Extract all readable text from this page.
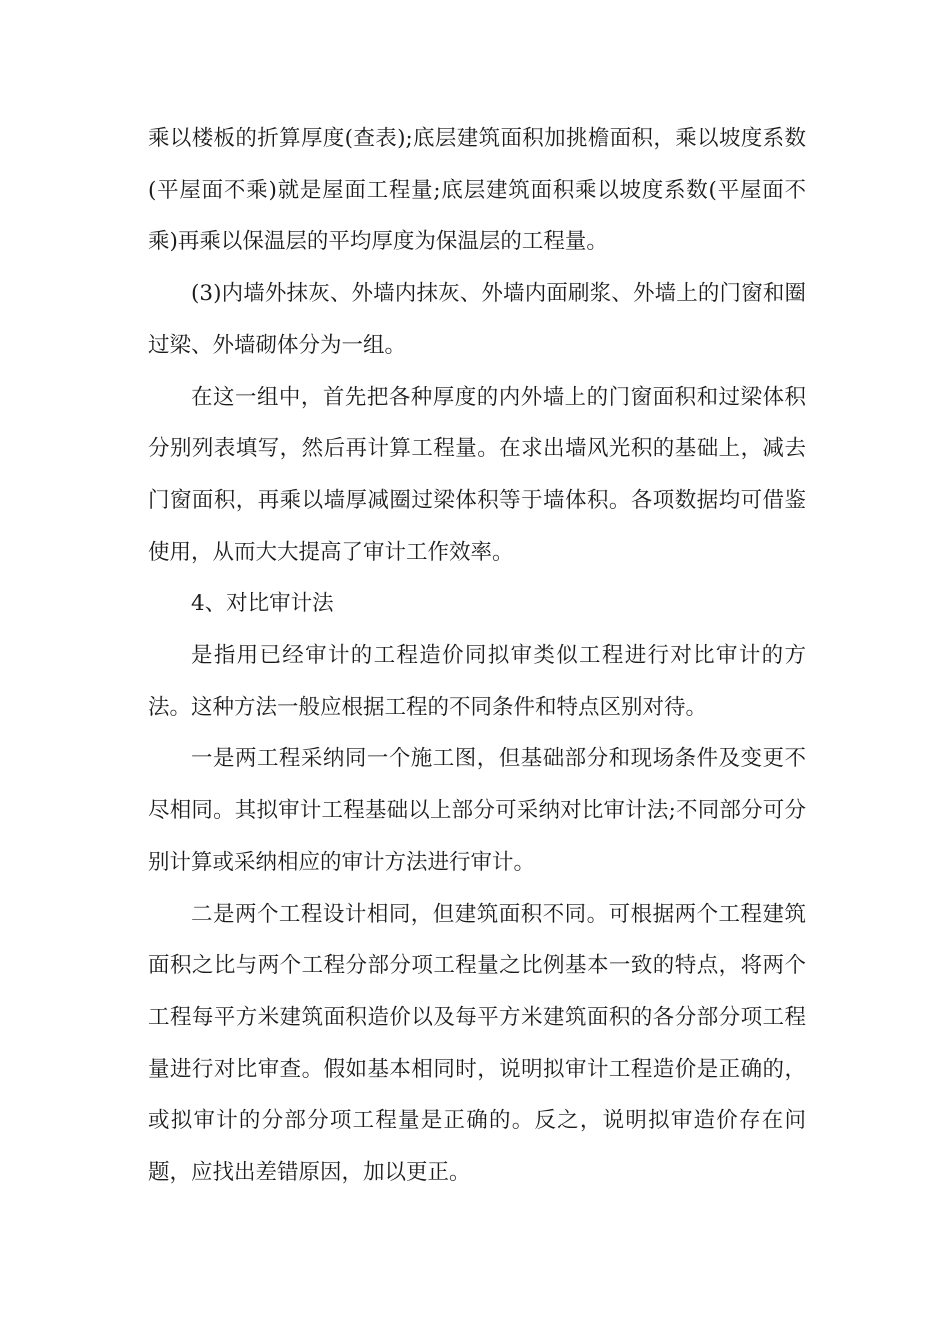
乘以楼板的折算厚度(查表);底层建筑面积加挑檐面积，乘以坡度系数(平屋面不乘)就是屋面工程量;底层建筑面积乘以坡度系数(平屋面不乘)再乘以保温层的平均厚度为保温层的工程量。

(3)内墙外抹灰、外墙内抹灰、外墙内面刷浆、外墙上的门窗和圈过梁、外墙砌体分为一组。

在这一组中，首先把各种厚度的内外墙上的门窗面积和过梁体积分别列表填写，然后再计算工程量。在求出墙风光积的基础上，减去门窗面积，再乘以墙厚减圈过梁体积等于墙体积。各项数据均可借鉴使用，从而大大提高了审计工作效率。

4、对比审计法

是指用已经审计的工程造价同拟审类似工程进行对比审计的方法。这种方法一般应根据工程的不同条件和特点区别对待。

一是两工程采纳同一个施工图，但基础部分和现场条件及变更不尽相同。其拟审计工程基础以上部分可采纳对比审计法;不同部分可分别计算或采纳相应的审计方法进行审计。

二是两个工程设计相同，但建筑面积不同。可根据两个工程建筑面积之比与两个工程分部分项工程量之比例基本一致的特点，将两个工程每平方米建筑面积造价以及每平方米建筑面积的各分部分项工程量进行对比审查。假如基本相同时，说明拟审计工程造价是正确的，或拟审计的分部分项工程量是正确的。反之，说明拟审造价存在问题，应找出差错原因，加以更正。
